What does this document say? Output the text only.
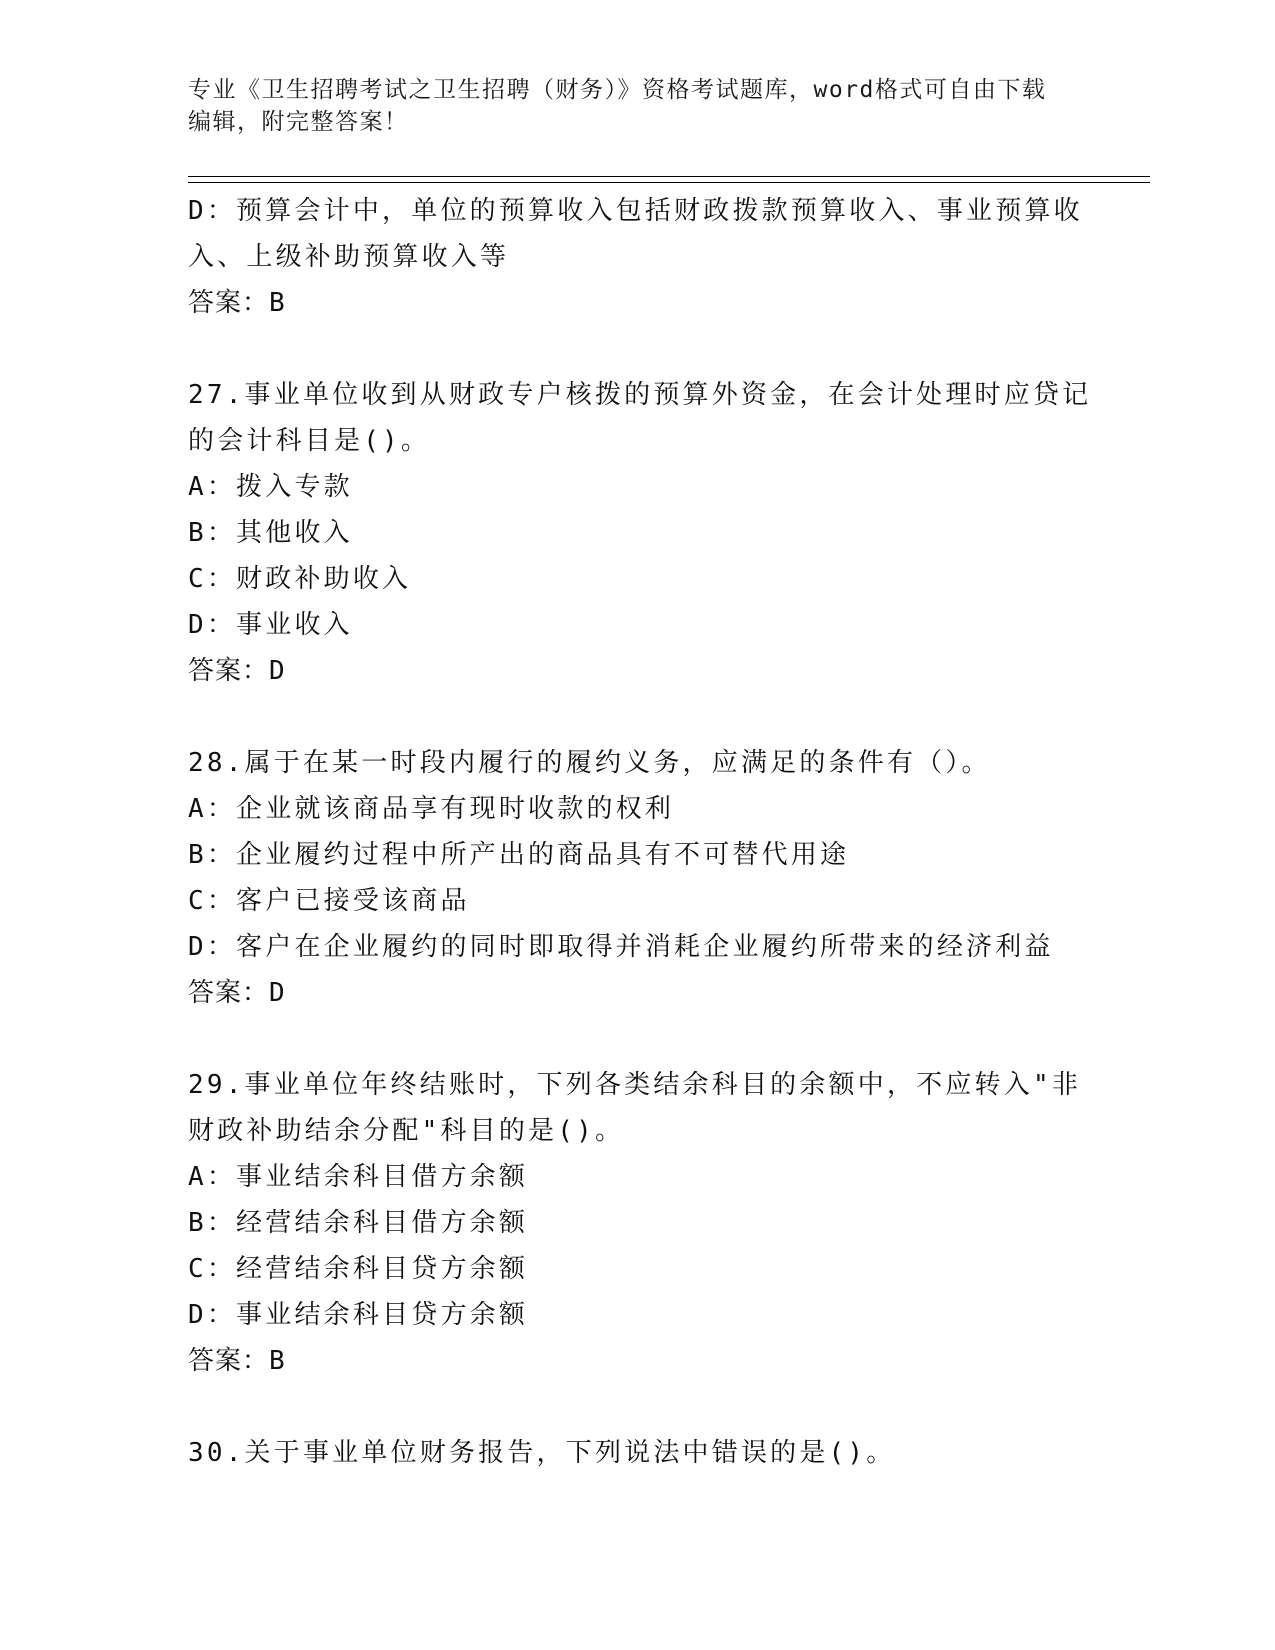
专业《卫生招聘考试之卫生招聘（财务）》资格考试题库，word格式可自由下载
编辑，附完整答案！
D：预算会计中，单位的预算收入包括财政拨款预算收入、事业预算收
入、上级补助预算收入等
答案：B
27.事业单位收到从财政专户核拨的预算外资金，在会计处理时应贷记
的会计科目是()。
A：拨入专款
B：其他收入
C：财政补助收入
D：事业收入
答案：D
28.属于在某一时段内履行的履约义务，应满足的条件有（）。
A：企业就该商品享有现时收款的权利
B：企业履约过程中所产出的商品具有不可替代用途
C：客户已接受该商品
D：客户在企业履约的同时即取得并消耗企业履约所带来的经济利益
答案：D
29.事业单位年终结账时，下列各类结余科目的余额中，不应转入"非
财政补助结余分配"科目的是()。
A：事业结余科目借方余额
B：经营结余科目借方余额
C：经营结余科目贷方余额
D：事业结余科目贷方余额
答案：B
30.关于事业单位财务报告，下列说法中错误的是()。
